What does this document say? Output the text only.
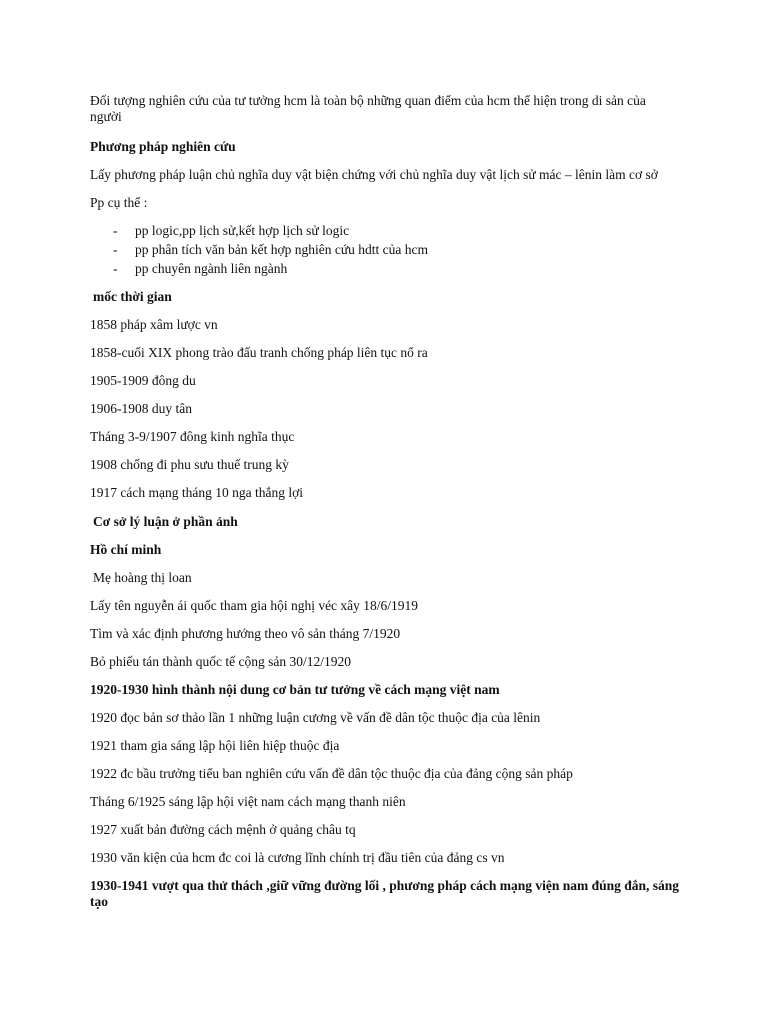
Đối tượng nghiên cứu của tư tưởng hcm là toàn bộ những quan điểm của hcm thể hiện trong di sản của người

Phương pháp nghiên cứu

Lấy phương pháp luận chủ nghĩa duy vật biện chứng với chủ nghĩa duy vật lịch sử mác – lênin làm cơ sở

Pp cụ thể :

- pp logic,pp lịch sử,kết hợp lịch sử logic

- pp phân tích văn bản kết hợp nghiên cứu hdtt của hcm

- pp chuyên ngành liên ngành

mốc thời gian

1858 pháp xâm lược vn

1858-cuối XIX phong trào đấu tranh chống pháp liên tục nổ ra

1905-1909 đông du

1906-1908 duy tân

Tháng 3-9/1907 đông kinh nghĩa thục

1908 chống đi phu sưu thuế trung kỳ

1917 cách mạng tháng 10 nga thắng lợi

Cơ sở lý luận ở phần ảnh

Hồ chí minh

Mẹ hoàng thị loan

Lấy tên nguyễn ái quốc tham gia hội nghị véc xây 18/6/1919

Tìm và xác định phương hướng theo vô sản tháng 7/1920

Bỏ phiếu tán thành quốc tế cộng sản 30/12/1920

1920-1930 hình thành nội dung cơ bản tư tưởng về cách mạng việt nam

1920 đọc bản sơ thảo lần 1 những luận cương về vấn đề dân tộc thuộc địa của lênin

1921 tham gia sáng lập hội liên hiệp thuộc địa

1922 đc bầu trưởng tiểu ban nghiên cứu vấn đề dân tộc thuộc địa của đảng cộng sản pháp

Tháng 6/1925 sáng lập hội việt nam cách mạng thanh niên

1927 xuất bản đường cách mệnh ở quảng châu tq

1930 văn kiện của hcm đc coi là cương lĩnh chính trị đầu tiên của đảng cs vn

1930-1941 vượt qua thử thách ,giữ vững đường lối , phương pháp cách mạng viện nam đúng đắn, sáng tạo
